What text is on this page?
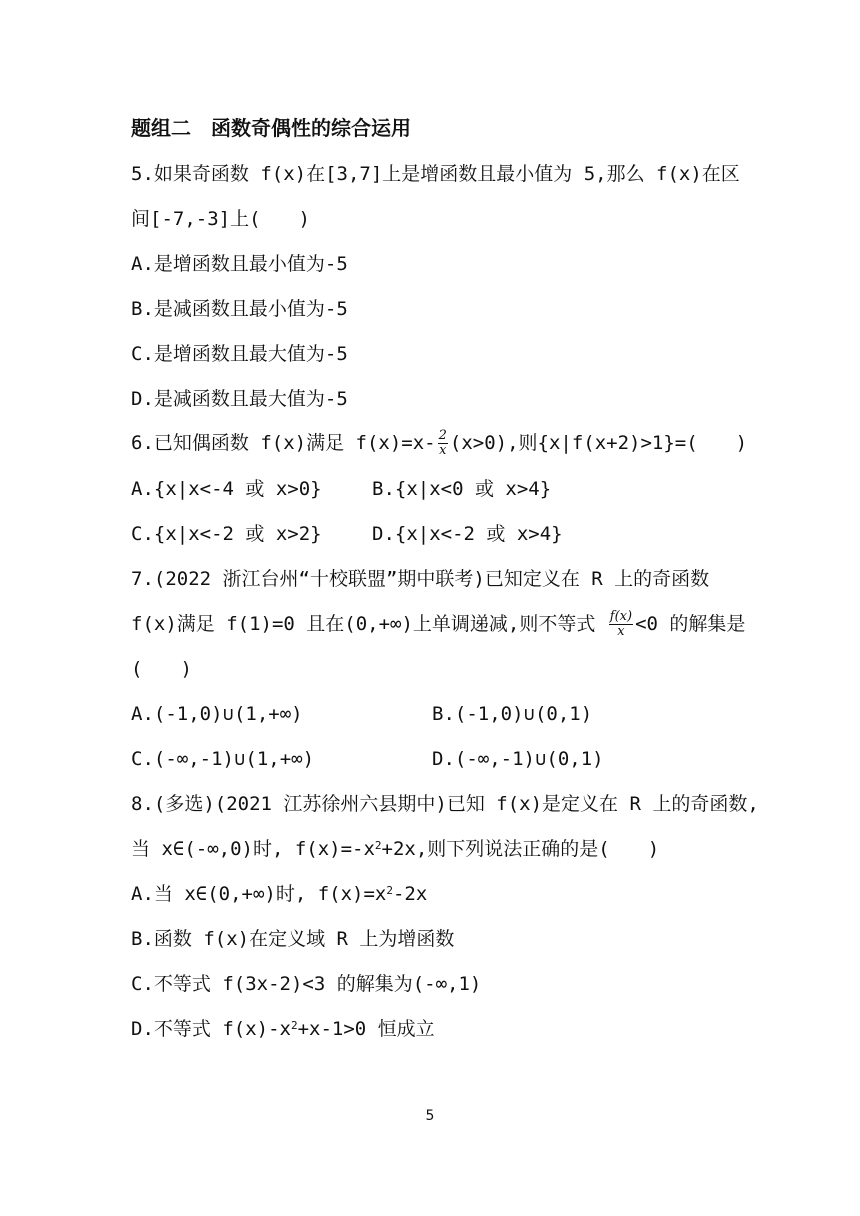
题组二　函数奇偶性的综合运用
5.如果奇函数 f(x)在[3,7]上是增函数且最小值为 5,那么 f(x)在区
间[-7,-3]上(　　)
A.是增函数且最小值为-5
B.是减函数且最小值为-5
C.是增函数且最大值为-5
D.是减函数且最大值为-5
6.已知偶函数 f(x)满足 $f(x)=x- \frac{2}{x} (x>0)$,则{x|f(x+2)>1}=(　　)
A.{x|x<-4 或 x>0}	B.{x|x<0 或 x>4}
C.{x|x<-2 或 x>2}	D.{x|x<-2 或 x>4}
7.(2022 浙江台州“十校联盟”期中联考)已知定义在 R 上的奇函数
f(x)满足 f(1)=0 且在(0,+∞)上单调递减,则不等式 $\frac{f(x)}{x} <0$ 的解集是
(　　)
A.(-1,0)∪(1,+∞)	B.(-1,0)∪(0,1)
C.(-∞,-1)∪(1,+∞)	D.(-∞,-1)∪(0,1)
8.(多选)(2021 江苏徐州六县期中)已知 f(x)是定义在 R 上的奇函数,
当 x∈(-∞,0)时, $f(x)=-x^2+2x$,则下列说法正确的是(　　)
A.当 x∈(0,+∞)时, $f(x)=x^2-2x$
B.函数 f(x)在定义域 R 上为增函数
C.不等式 f(3x-2)<3 的解集为(-∞,1)
D.不等式 $f(x)-x^2+x-1>0$ 恒成立
5
